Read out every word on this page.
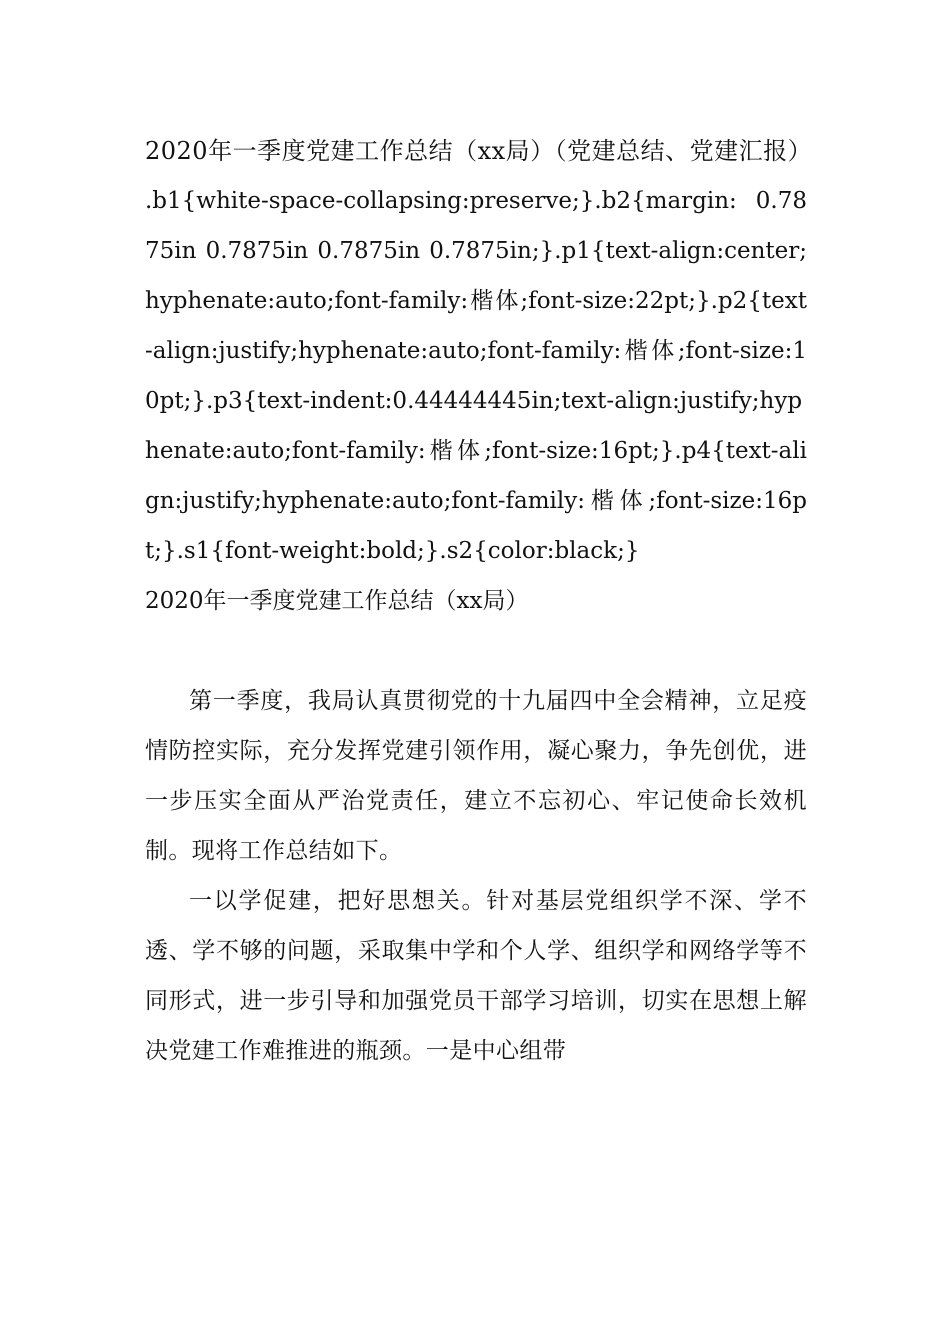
2020年一季度党建工作总结（xx局）（党建总结、党建汇报）

.b1{white-space-collapsing:preserve;}.b2{margin: 0.7875in 0.7875in 0.7875in 0.7875in;}.p1{text-align:center;hyphenate:auto;font-family:楷体;font-size:22pt;}.p2{text-align:justify;hyphenate:auto;font-family:楷体;font-size:10pt;}.p3{text-indent:0.44444445in;text-align:justify;hyphenate:auto;font-family:楷体;font-size:16pt;}.p4{text-align:justify;hyphenate:auto;font-family:楷体;font-size:16pt;}.s1{font-weight:bold;}.s2{color:black;}

2020年一季度党建工作总结（xx局）

第一季度，我局认真贯彻党的十九届四中全会精神，立足疫情防控实际，充分发挥党建引领作用，凝心聚力，争先创优，进一步压实全面从严治党责任，建立不忘初心、牢记使命长效机制。现将工作总结如下。

一以学促建，把好思想关。针对基层党组织学不深、学不透、学不够的问题，采取集中学和个人学、组织学和网络学等不同形式，进一步引导和加强党员干部学习培训，切实在思想上解决党建工作难推进的瓶颈。一是中心组带
